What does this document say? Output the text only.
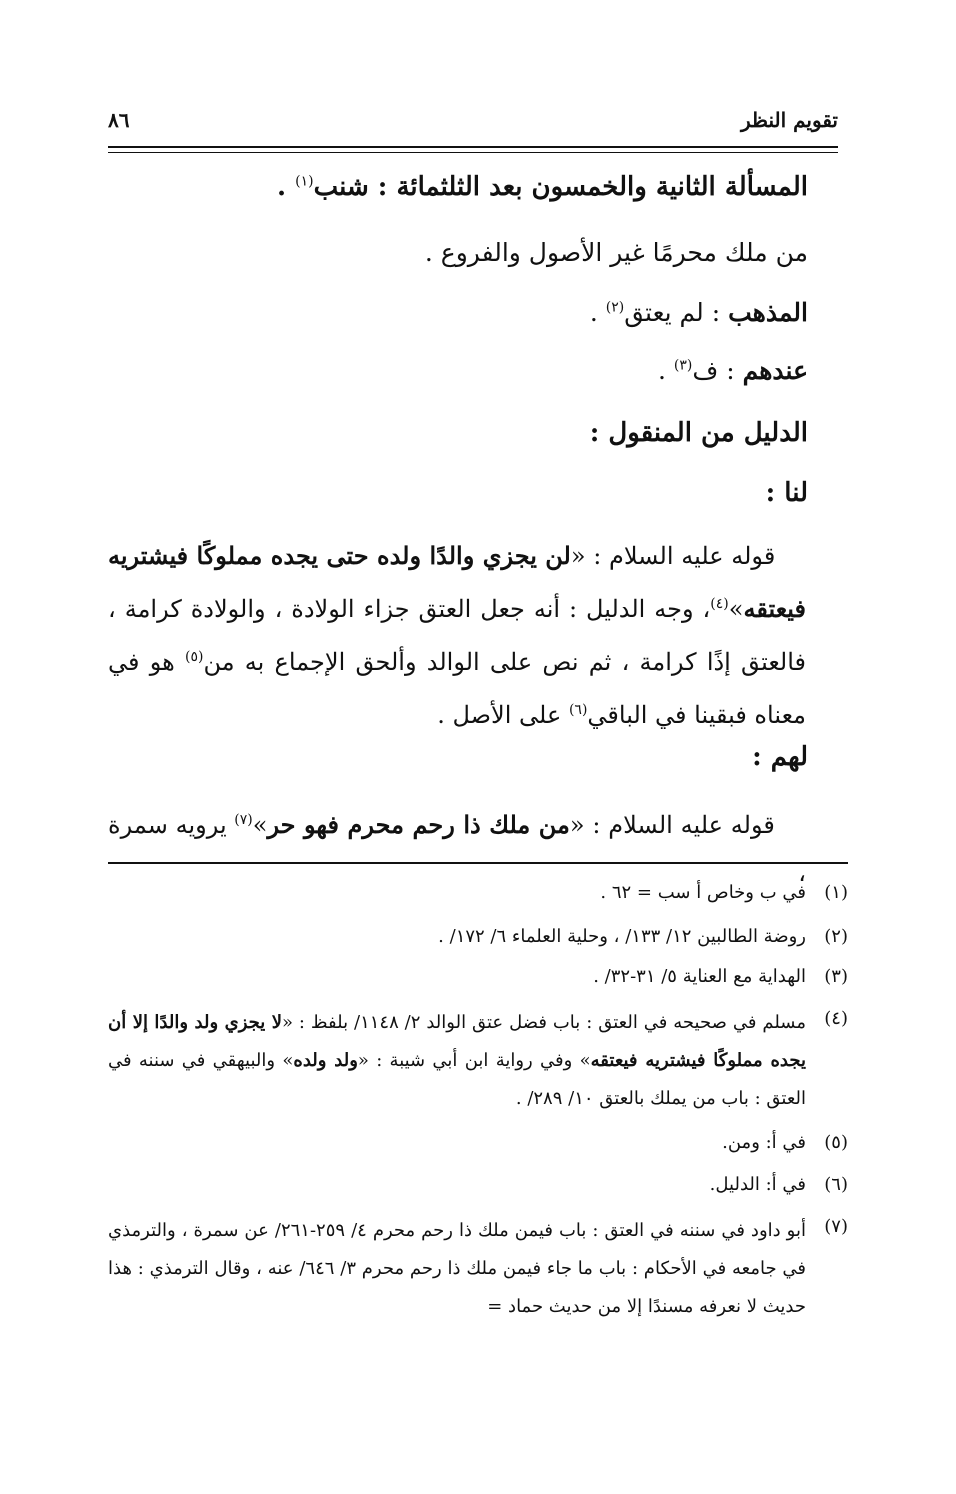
تقويم النظر
٨٦
المسألة الثانية والخمسون بعد الثلثمائة : شنب$^{(١)}$ .
من ملك محرمًا غير الأصول والفروع .
المذهب : لم يعتق$^{(٢)}$ .
عندهم : ف$^{(٣)}$ .
الدليل من المنقول :
لنا :

قوله عليه السلام : «لن يجزي والدًا ولده حتى يجده مملوكًا فيشتريه فيعتقه»$^{(٤)}$، وجه الدليل : أنه جعل العتق جزاء الولادة ، والولادة كرامة ، فالعتق إذًا كرامة ، ثم نص على الوالد وألحق الإجماع به من$^{(٥)}$ هو في معناه فبقينا في الباقي$^{(٦)}$ على الأصل .

لهم :

قوله عليه السلام : «من ملك ذا رحم محرم فهو حر»$^{(٧)}$ يرويه سمرة ،

(١)
في ب وخاص أ سب = ٦٢ .
(٢)
روضة الطالبين ١٢/ ١٣٣/ ، وحلية العلماء ٦/ ١٧٢/ .
(٣)
الهداية مع العناية ٥/ ٣١-٣٢/ .
(٤)
مسلم في صحيحه في العتق : باب فضل عتق الوالد ٢/ ١١٤٨/ بلفظ : «لا يجزي ولد والدًا إلا أن يجده مملوكًا فيشتريه فيعتقه» وفي رواية ابن أبي شيبة : «ولد ولده» والبيهقي في سننه في العتق : باب من يملك بالعتق ١٠/ ٢٨٩/ .
(٥)
في أ: ومن.
(٦)
في أ: الدليل.
(٧)
أبو داود في سننه في العتق : باب فيمن ملك ذا رحم محرم ٤/ ٢٥٩-٢٦١/ عن سمرة ، والترمذي في جامعه في الأحكام : باب ما جاء فيمن ملك ذا رحم محرم ٣/ ٦٤٦/ عنه ، وقال الترمذي : هذا حديث لا نعرفه مسندًا إلا من حديث حماد =
